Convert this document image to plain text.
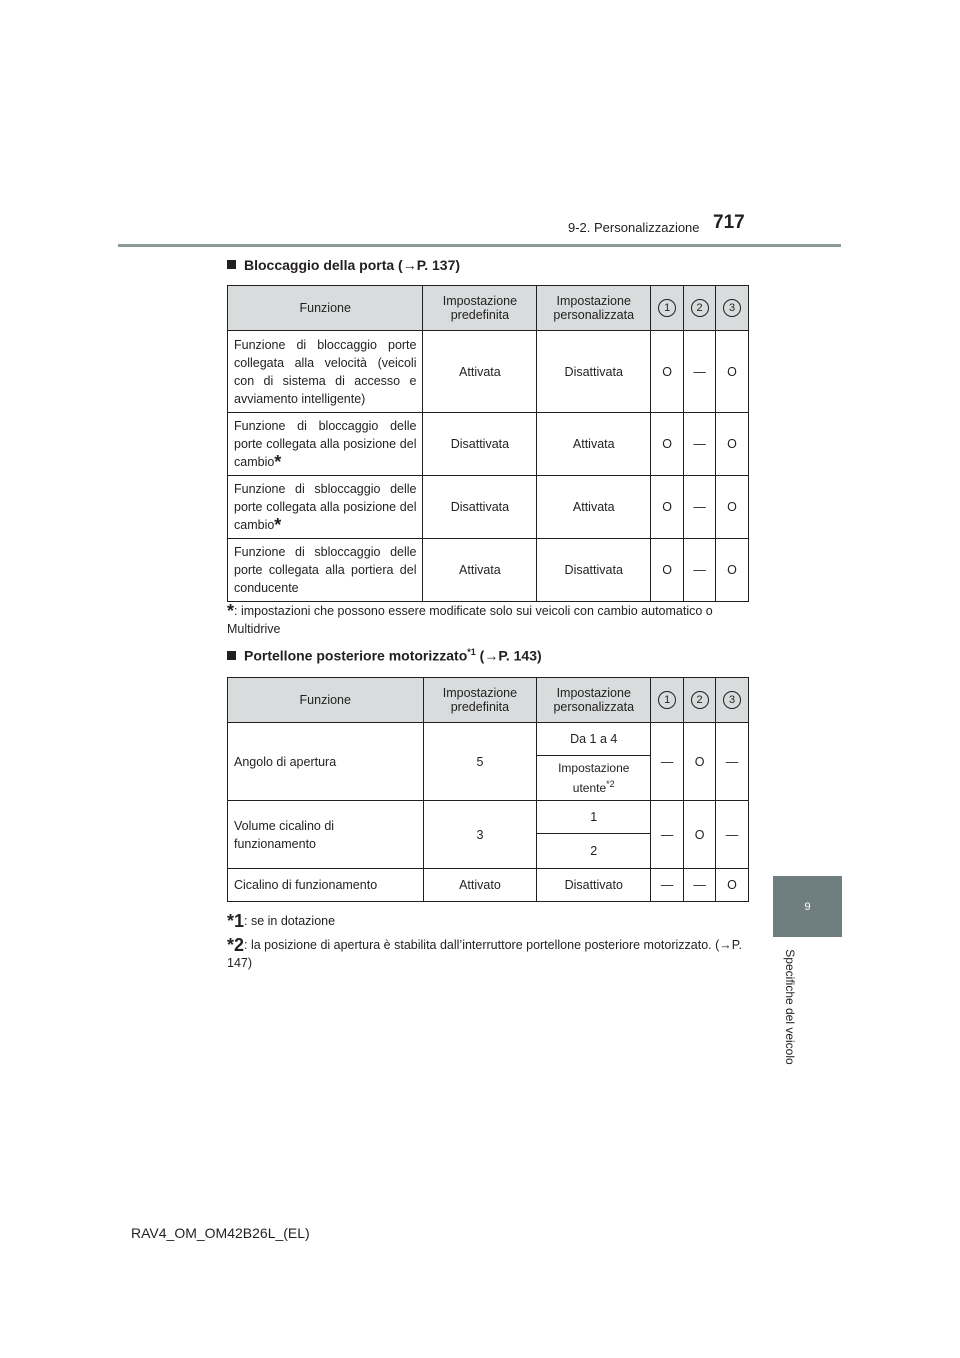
9-2. Personalizzazione 717
9
Specifiche del veicolo
Bloccaggio della porta (→P. 137)
Funzione	Impostazione predefinita	Impostazione personalizzata	1	2	3
Funzione di bloccaggio porte collegata alla velocità (veicoli con di sistema di accesso e avviamento intelligente)	Attivata	Disattivata	O	—	O
Funzione di bloccaggio delle porte collegata alla posizione del cambio*	Disattivata	Attivata	O	—	O
Funzione di sbloccaggio delle porte collegata alla posizione del cambio*	Disattivata	Attivata	O	—	O
Funzione di sbloccaggio delle porte collegata alla portiera del conducente	Attivata	Disattivata	O	—	O
*: impostazioni che possono essere modificate solo sui veicoli con cambio automatico o Multidrive
Portellone posteriore motorizzato$^{*1}$ (→P. 143)
Funzione	Impostazione predefinita	Impostazione personalizzata	1	2	3
Angolo di apertura	5	Da 1 a 4	—	O	—
		Impostazione utente$^{*2}$
Volume cicalino di funzionamento	3	1	—	O	—
		2			
Cicalino di funzionamento	Attivato	Disattivato	—	—	O
*1: se in dotazione
*2: la posizione di apertura è stabilita dall’interruttore portellone posteriore motorizzato. (→P. 147)
RAV4_OM_OM42B26L_(EL)
